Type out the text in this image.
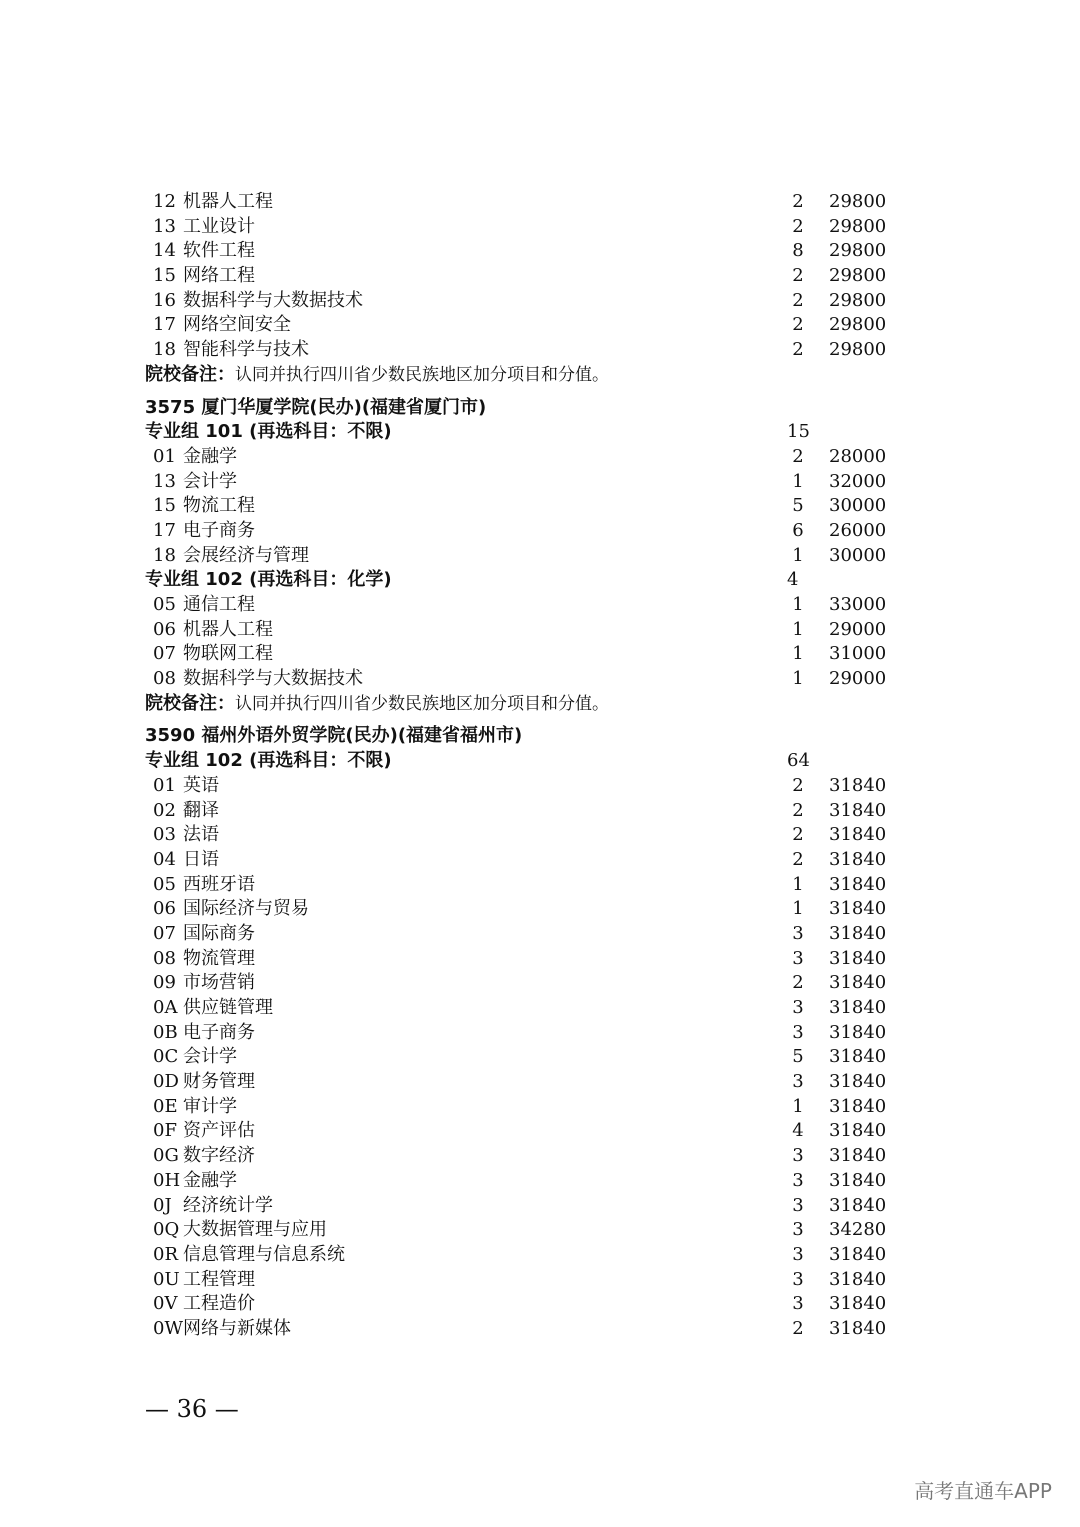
12 机器人工程	2 29800
13 工业设计	2 29800
14 软件工程	8 29800
15 网络工程	2 29800
16 数据科学与大数据技术	2 29800
17 网络空间安全	2 29800
18 智能科学与技术	2 29800
院校备注： 认同并执行四川省少数民族地区加分项目和分值。
3575 厦门华厦学院(民办)(福建省厦门市)
专业组 101 (再选科目：不限)	15
01 金融学	2 28000
13 会计学	1 32000
15 物流工程	5 30000
17 电子商务	6 26000
18 会展经济与管理	1 30000
专业组 102 (再选科目：化学)	4
05 通信工程	1 33000
06 机器人工程	1 29000
07 物联网工程	1 31000
08 数据科学与大数据技术	1 29000
院校备注： 认同并执行四川省少数民族地区加分项目和分值。
3590 福州外语外贸学院(民办)(福建省福州市)
专业组 102 (再选科目：不限)	64
01 英语	2 31840
02 翻译	2 31840
03 法语	2 31840
04 日语	2 31840
05 西班牙语	1 31840
06 国际经济与贸易	1 31840
07 国际商务	3 31840
08 物流管理	3 31840
09 市场营销	2 31840
0A 供应链管理	3 31840
0B 电子商务	3 31840
0C 会计学	5 31840
0D 财务管理	3 31840
0E 审计学	1 31840
0F 资产评估	4 31840
0G 数字经济	3 31840
0H 金融学	3 31840
0J 经济统计学	3 31840
0Q 大数据管理与应用	3 34280
0R 信息管理与信息系统	3 31840
0U 工程管理	3 31840
0V 工程造价	3 31840
0W 网络与新媒体	2 31840
— 36 —
高考直通车APP
